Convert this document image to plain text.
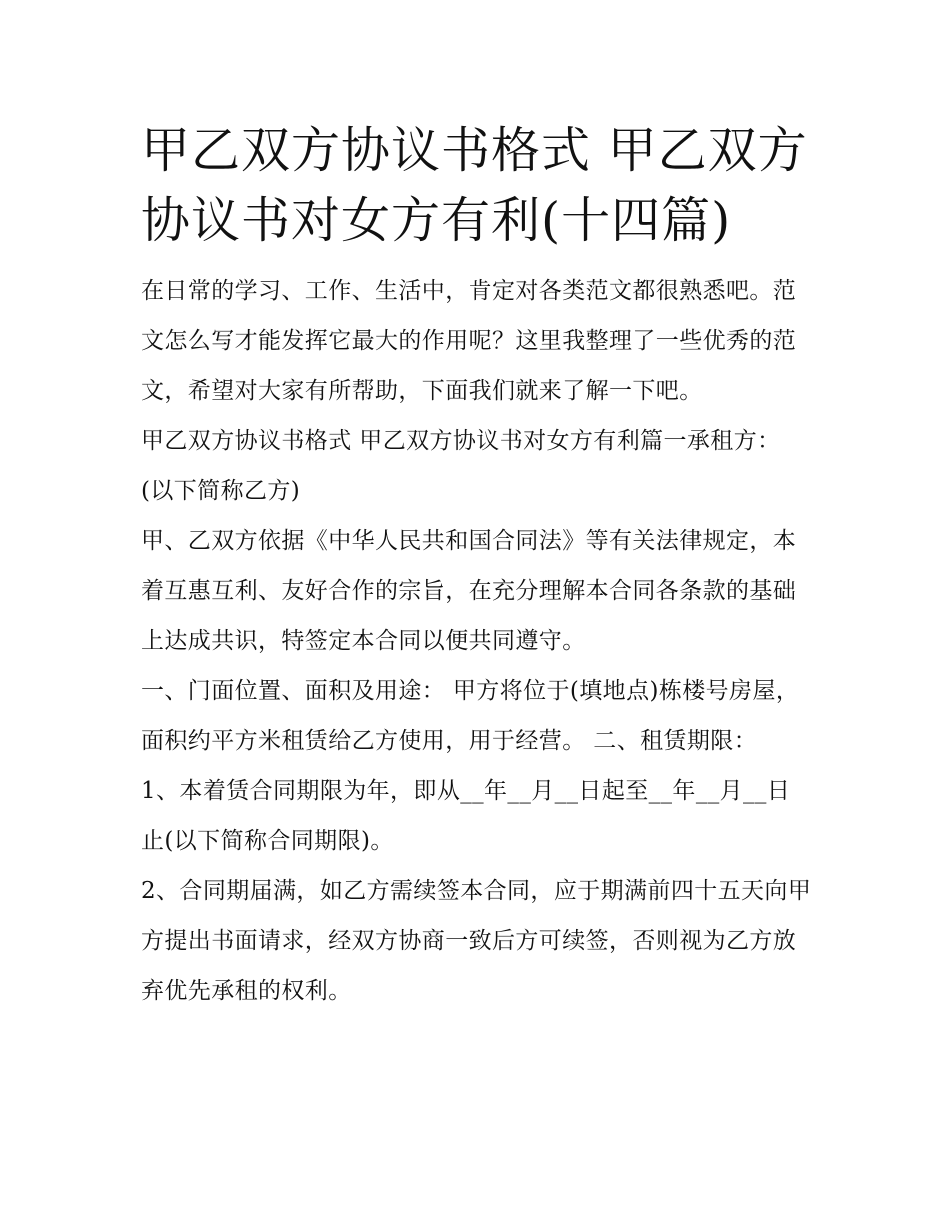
甲乙双方协议书格式 甲乙双方协议书对女方有利(十四篇)

在日常的学习、工作、生活中，肯定对各类范文都很熟悉吧。范文怎么写才能发挥它最大的作用呢？这里我整理了一些优秀的范文，希望对大家有所帮助，下面我们就来了解一下吧。

甲乙双方协议书格式 甲乙双方协议书对女方有利篇一承租方：(以下简称乙方)

甲、乙双方依据《中华人民共和国合同法》等有关法律规定，本着互惠互利、友好合作的宗旨，在充分理解本合同各条款的基础上达成共识，特签定本合同以便共同遵守。

一、门面位置、面积及用途： 甲方将位于(填地点)栋楼号房屋，面积约平方米租赁给乙方使用，用于经营。 二、租赁期限：

1、本着赁合同期限为年，即从__年__月__日起至__年__月__日止(以下简称合同期限)。

2、合同期届满，如乙方需续签本合同，应于期满前四十五天向甲方提出书面请求，经双方协商一致后方可续签，否则视为乙方放弃优先承租的权利。
